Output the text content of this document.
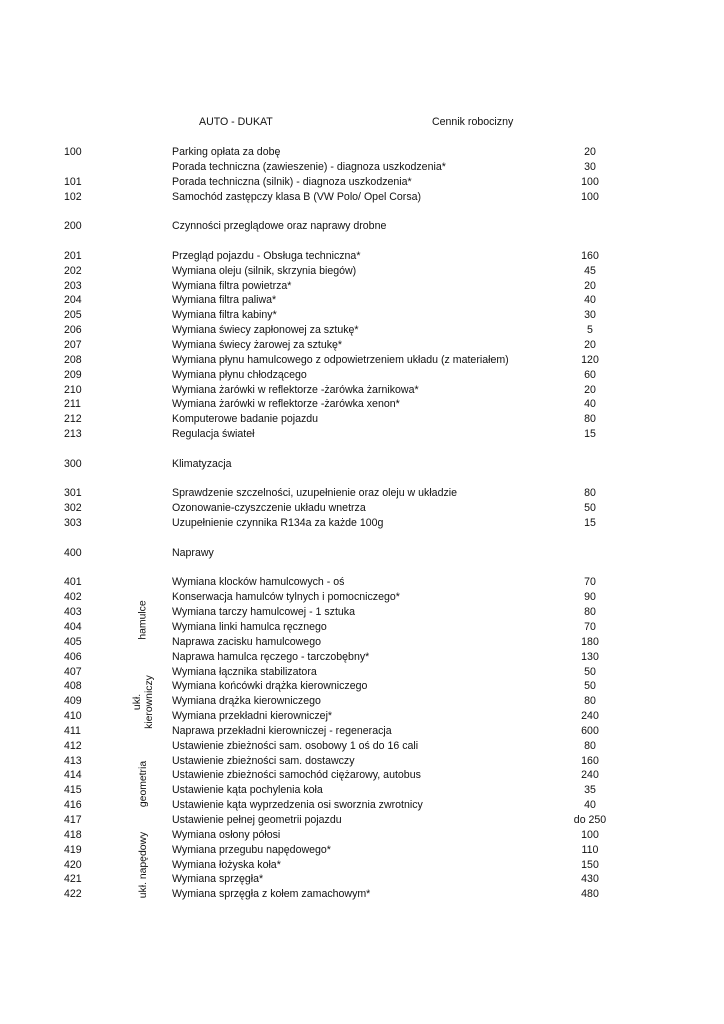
AUTO - DUKAT	Cennik robocizny
100	Parking opłata za dobę	20
Porada techniczna (zawieszenie) - diagnoza uszkodzenia*	30
101	Porada techniczna (silnik) - diagnoza uszkodzenia*	100
102	Samochód zastępczy klasa B (VW Polo/ Opel Corsa)	100
200	Czynności przeglądowe oraz naprawy drobne
201	Przegląd pojazdu - Obsługa techniczna*	160
202	Wymiana oleju (silnik, skrzynia biegów)	45
203	Wymiana filtra powietrza*	20
204	Wymiana filtra paliwa*	40
205	Wymiana filtra kabiny*	30
206	Wymiana świecy zapłonowej za sztukę*	5
207	Wymiana świecy żarowej za sztukę*	20
208	Wymiana płynu hamulcowego z odpowietrzeniem układu (z materiałem)	120
209	Wymiana płynu chłodzącego	60
210	Wymiana żarówki w reflektorze -żarówka żarnikowa*	20
211	Wymiana żarówki w reflektorze -żarówka xenon*	40
212	Komputerowe badanie pojazdu	80
213	Regulacja świateł	15
300	Klimatyzacja
301	Sprawdzenie szczelności, uzupełnienie oraz oleju w układzie	80
302	Ozonowanie-czyszczenie układu wnetrza	50
303	Uzupełnienie czynnika R134a za każde 100g	15
400	Naprawy
401	Wymiana klocków hamulcowych - oś	70
402	Konserwacja hamulców tylnych i pomocniczego*	90
403	Wymiana tarczy hamulcowej - 1 sztuka	80
404	Wymiana linki hamulca ręcznego	70
405	Naprawa zacisku hamulcowego	180
406	Naprawa hamulca ręczego - tarczobębny*	130
407	Wymiana łącznika stabilizatora	50
408	Wymiana końcówki drążka kierowniczego	50
409	Wymiana drążka kierowniczego	80
410	Wymiana przekładni kierowniczej*	240
411	Naprawa przekładni kierowniczej - regeneracja	600
412	Ustawienie zbieżności sam. osobowy 1 oś do 16 cali	80
413	Ustawienie zbieżności sam. dostawczy	160
414	Ustawienie zbieżności samochód ciężarowy, autobus	240
415	Ustawienie kąta pochylenia koła	35
416	Ustawienie kąta wyprzedzenia osi sworznia zwrotnicy	40
417	Ustawienie pełnej geometrii pojazdu	do 250
418	Wymiana osłony półosi	100
419	Wymiana przegubu napędowego*	110
420	Wymiana łożyska koła*	150
421	Wymiana sprzęgła*	430
422	Wymiana sprzęgła z kołem zamachowym*	480
hamulce
ukł.
kierowniczy
geometria
ukł. napędowy
